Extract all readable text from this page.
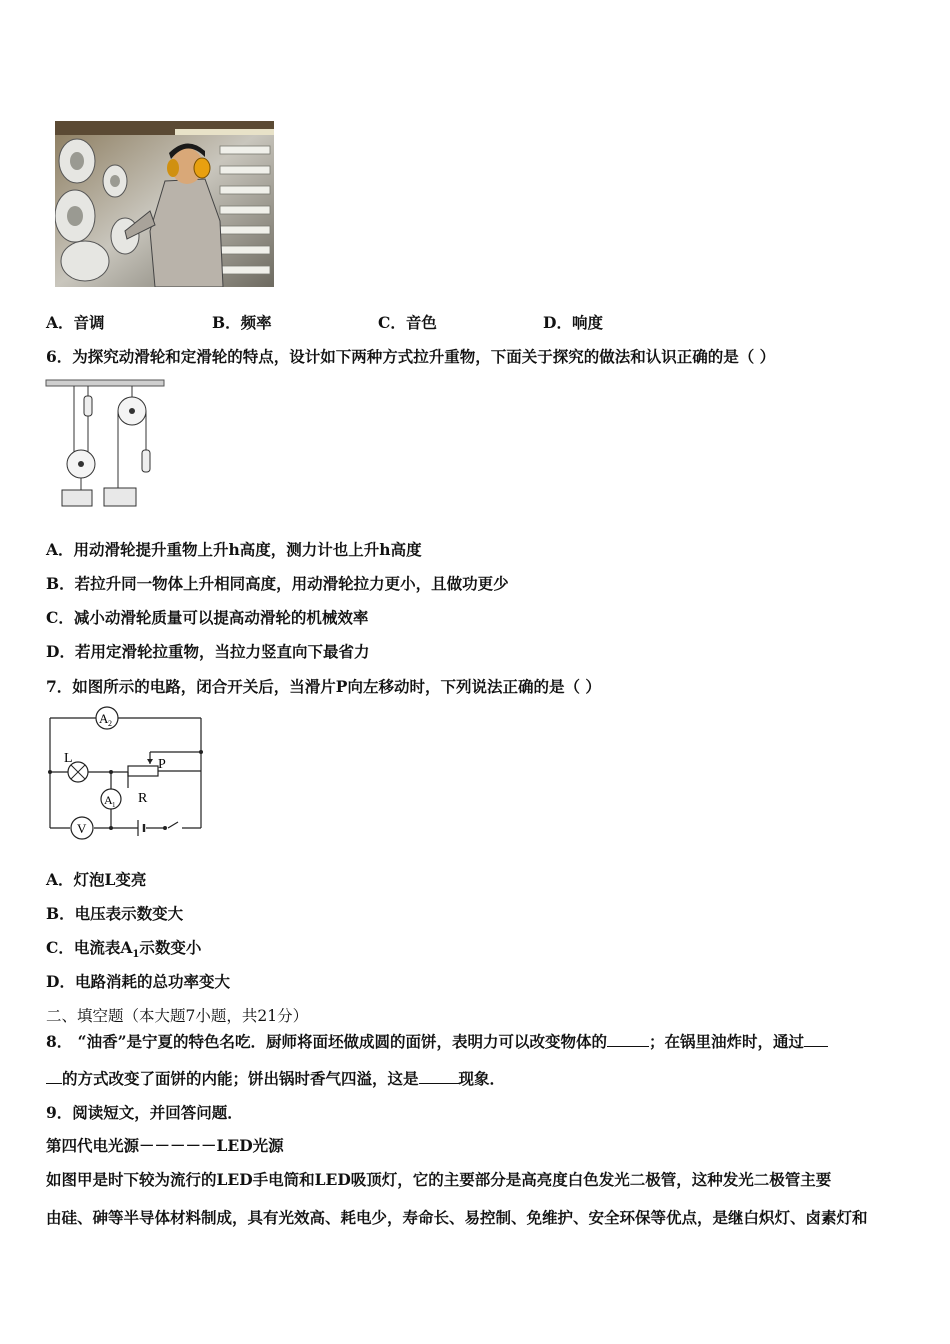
A．音调	B．频率	C．音色	D．响度
6．为探究动滑轮和定滑轮的特点，设计如下两种方式拉升重物，下面关于探究的做法和认识正确的是（ ）
A．用动滑轮提升重物上升h高度，测力计也上升h高度
B．若拉升同一物体上升相同高度，用动滑轮拉力更小，且做功更少
C．减小动滑轮质量可以提高动滑轮的机械效率
D．若用定滑轮拉重物，当拉力竖直向下最省力
7．如图所示的电路，闭合开关后，当滑片P向左移动时，下列说法正确的是（ ）
A 2
L	P
R
A 1
V
A．灯泡L变亮
B．电压表示数变大
C．电流表$A_1$示数变小
D．电路消耗的总功率变大
二、填空题（本大题7小题，共21分）
8． “油香”是宁夏的特色名吃．厨师将面坯做成圆的面饼，表明力可以改变物体的	；在锅里油炸时，通过
的方式改变了面饼的内能；饼出锅时香气四溢，这是	现象．
9．阅读短文，并回答问题．
第四代电光源－－－－－LED光源
如图甲是时下较为流行的LED手电筒和LED吸顶灯，它的主要部分是高亮度白色发光二极管，这种发光二极管主要
由硅、砷等半导体材料制成，具有光效高、耗电少，寿命长、易控制、免维护、安全环保等优点，是继白炽灯、卤素灯和
